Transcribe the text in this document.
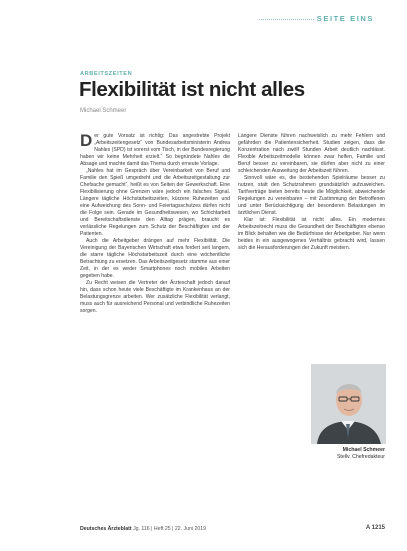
SEITE EINS
ARBEITSZEITEN
Flexibilität ist nicht alles
Michael Schmeer

Der gute Vorsatz ist richtig: Das angestrebte Projekt „Arbeitszeitengesetz“ von Bundesarbeitsministerin Andrea Nahles (SPD) ist vorerst vom Tisch, in der Bundesregierung haben wir keine Mehrheit erzielt.“ So begründete Nahles die Absage und machte damit das Thema durch erneute Vorlage.

„Nahles hat im Gespräch über Vereinbarkeit von Beruf und Familie den Spieß umgedreht und die Arbeitszeitgestaltung zur Chefsache gemacht“, heißt es von Seiten der Gewerkschaft. Eine Flexibilisierung ohne Grenzen wäre jedoch ein falsches Signal. Längere tägliche Höchstarbeitszeiten, kürzere Ruhezeiten und eine Aufweichung des Sonn- und Feiertagsschutzes dürfen nicht die Folge sein. Gerade im Gesundheitswesen, wo Schichtarbeit und Bereitschaftsdienste den Alltag prägen, braucht es verlässliche Regelungen zum Schutz der Beschäftigten und der Patienten.

Auch die Arbeitgeber drängen auf mehr Flexibilität. Die Vereinigung der Bayerischen Wirtschaft etwa fordert seit langem, die starre tägliche Höchstarbeitszeit durch eine wöchentliche Betrachtung zu ersetzen. Das Arbeitszeitgesetz stamme aus einer Zeit, in der es weder Smartphones noch mobiles Arbeiten gegeben habe.

Zu Recht weisen die Vertreter der Ärzteschaft jedoch darauf hin, dass schon heute viele Beschäftigte im Krankenhaus an der Belastungsgrenze arbeiten. Wer zusätzliche Flexibilität verlangt, muss auch für ausreichend Personal und verbindliche Ruhezeiten sorgen.

Längere Dienste führen nachweislich zu mehr Fehlern und gefährden die Patientensicherheit. Studien zeigen, dass die Konzentration nach zwölf Stunden Arbeit deutlich nachlässt. Flexible Arbeitszeitmodelle können zwar helfen, Familie und Beruf besser zu vereinbaren, sie dürfen aber nicht zu einer schleichenden Ausweitung der Arbeitszeit führen.

Sinnvoll wäre es, die bestehenden Spielräume besser zu nutzen, statt den Schutzrahmen grundsätzlich aufzuweichen. Tarifverträge bieten bereits heute die Möglichkeit, abweichende Regelungen zu vereinbaren – mit Zustimmung der Betroffenen und unter Berücksichtigung der besonderen Belastungen im ärztlichen Dienst.

Klar ist: Flexibilität ist nicht alles. Ein modernes Arbeitszeitrecht muss die Gesundheit der Beschäftigten ebenso im Blick behalten wie die Bedürfnisse der Arbeitgeber. Nur wenn beides in ein ausgewogenes Verhältnis gebracht wird, lassen sich die Herausforderungen der Zukunft meistern.

Michael Schmeer
Stellv. Chefredakteur
Deutsches Ärzteblatt Jg. 116 | Heft 25 | 22. Juni 2019	A 1215
